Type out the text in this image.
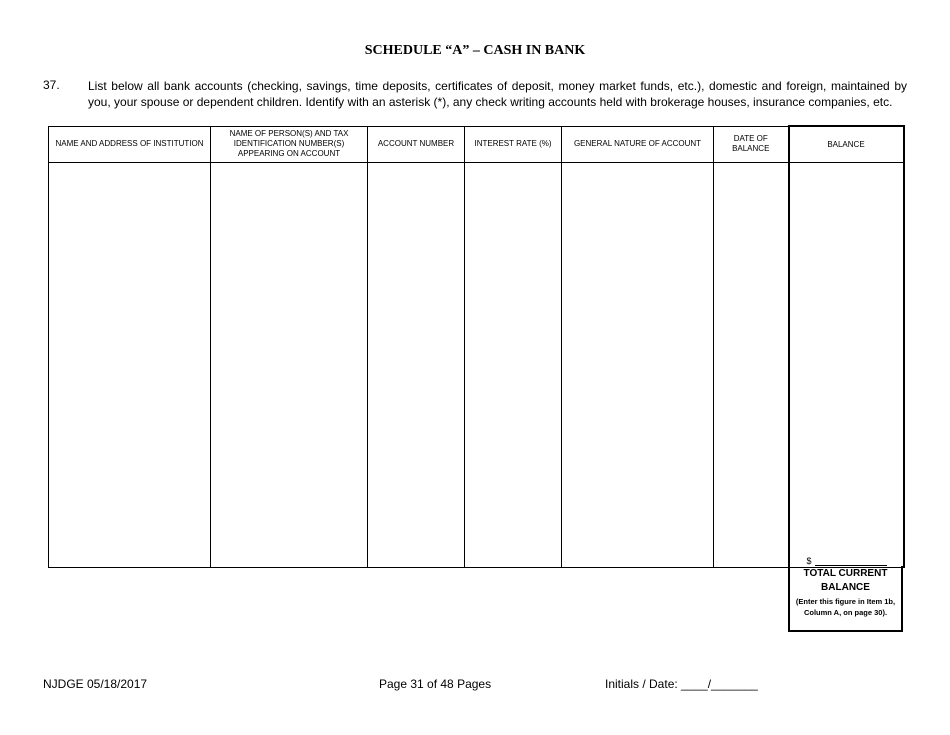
SCHEDULE “A” – CASH IN BANK
37. List below all bank accounts (checking, savings, time deposits, certificates of deposit, money market funds, etc.), domestic and foreign, maintained by you, your spouse or dependent children. Identify with an asterisk (*), any check writing accounts held with brokerage houses, insurance companies, etc.
NAME AND ADDRESS OF INSTITUTION	NAME OF PERSON(S) AND TAX IDENTIFICATION NUMBER(S) APPEARING ON ACCOUNT	ACCOUNT NUMBER	INTEREST RATE (%)	GENERAL NATURE OF ACCOUNT	DATE OF BALANCE	BALANCE

						$
TOTAL CURRENT
BALANCE
(Enter this figure in Item 1b, Column A, on page 30).
NJDGE 05/18/2017	Page 31 of 48 Pages	Initials / Date: ____/_______
